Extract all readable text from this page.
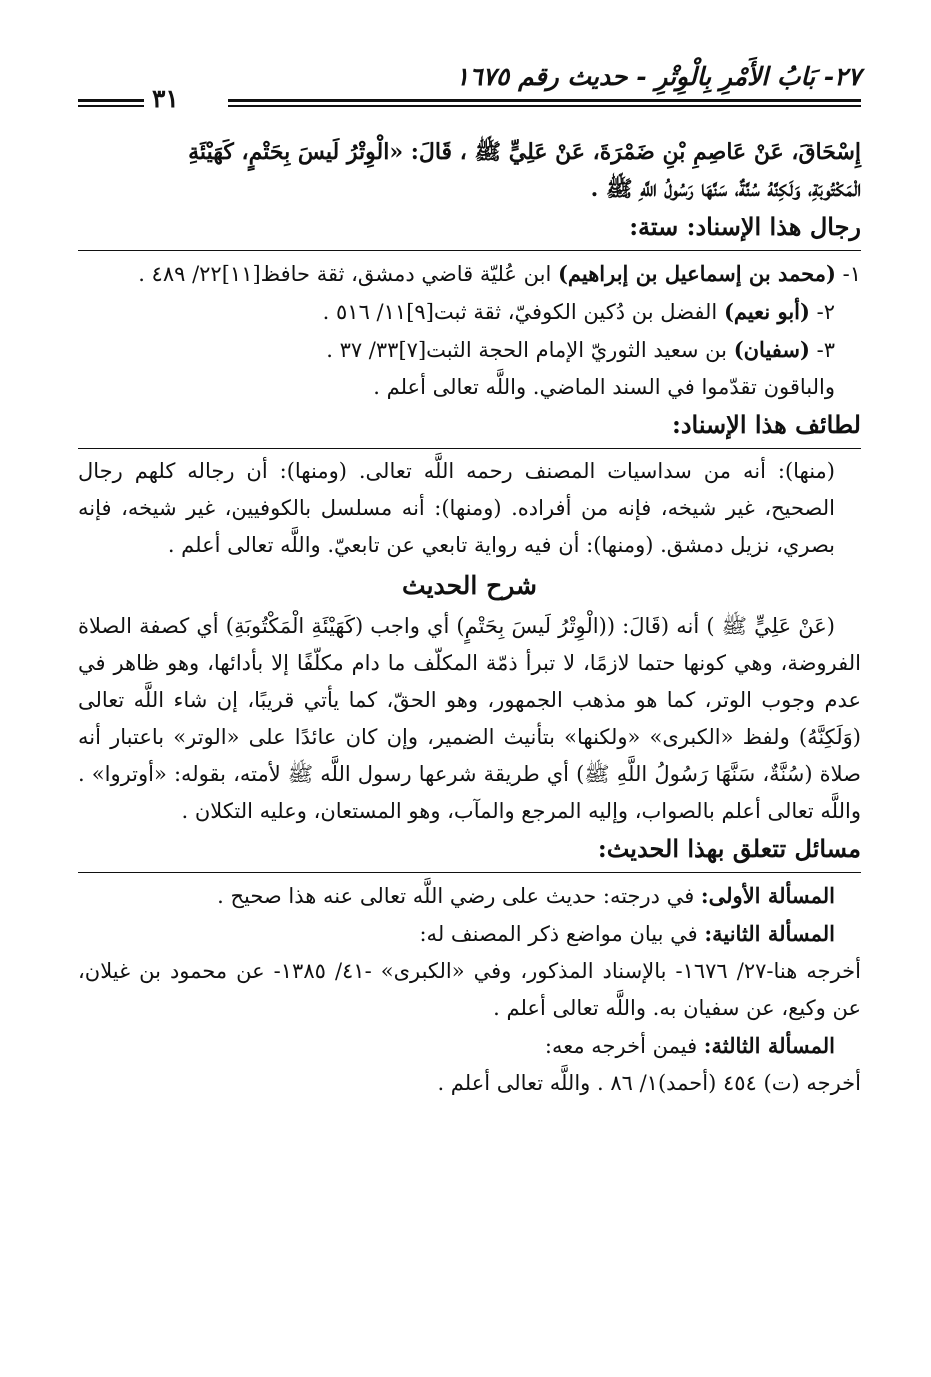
٢٧- بَابُ الأَمْرِ بِالْوِتْرِ - حديث رقم ١٦٧٥
٣١

إِسْحَاقَ، عَنْ عَاصِمِ بْنِ ضَمْرَةَ، عَنْ عَلِيٍّ ﷺ ، قَالَ: «الْوِتْرُ لَيسَ بِحَتْمٍ، كَهَيْئَةِ

الْمَكْتُوبَةِ، وَلَكِنَّهُ سُنَّةٌ، سَنَّهَا رَسُولُ اللَّهِ ﷺ .

رجال هذا الإسناد: ستة:

١- (محمد بن إسماعيل بن إبراهيم) ابن عُليّة قاضي دمشق، ثقة حافظ[١١]٢٢/ ٤٨٩ .

٢- (أبو نعيم) الفضل بن دُكين الكوفيّ، ثقة ثبت[٩]١١/ ٥١٦ .

٣- (سفيان) بن سعيد الثوريّ الإمام الحجة الثبت[٧]٣٣/ ٣٧ .

والباقون تقدّموا في السند الماضي. واللَّه تعالى أعلم .

لطائف هذا الإسناد:

(منها): أنه من سداسيات المصنف رحمه اللَّه تعالى. (ومنها): أن رجاله كلهم رجال الصحيح، غير شيخه، فإنه من أفراده. (ومنها): أنه مسلسل بالكوفيين، غير شيخه، فإنه بصري، نزيل دمشق. (ومنها): أن فيه رواية تابعي عن تابعيّ. واللَّه تعالى أعلم .

شرح الحديث

(عَنْ عَلِيٍّ ﷺ ) أنه (قَالَ: ((الْوِتْرُ لَيسَ بِحَتْمٍ) أي واجب (كَهَيْئَةِ الْمَكْتُوبَةِ) أي كصفة الصلاة الفروضة، وهي كونها حتما لازمًا، لا تبرأ ذمّة المكلّف ما دام مكلّفًا إلا بأدائها، وهو ظاهر في عدم وجوب الوتر، كما هو مذهب الجمهور، وهو الحقّ، كما يأتي قريبًا، إن شاء اللَّه تعالى (وَلَكِنَّهُ) ولفظ «الكبرى» «ولكنها» بتأنيث الضمير، وإن كان عائدًا على «الوتر» باعتبار أنه صلاة (سُنَّةٌ، سَنَّهَا رَسُولُ اللَّهِ ﷺ) أي طريقة شرعها رسول اللَّه ﷺ لأمته، بقوله: «أوتروا» . واللَّه تعالى أعلم بالصواب، وإليه المرجع والمآب، وهو المستعان، وعليه التكلان .

مسائل تتعلق بهذا الحديث:

المسألة الأولى: في درجته: حديث على رضي اللَّه تعالى عنه هذا صحيح .

المسألة الثانية: في بيان مواضع ذكر المصنف له:

أخرجه هنا-٢٧/ ١٦٧٦- بالإسناد المذكور، وفي «الكبرى» -٤١/ ١٣٨٥- عن محمود بن غيلان، عن وكيع، عن سفيان به. واللَّه تعالى أعلم .

المسألة الثالثة: فيمن أخرجه معه:

أخرجه (ت) ٤٥٤ (أحمد)١/ ٨٦ . واللَّه تعالى أعلم .
